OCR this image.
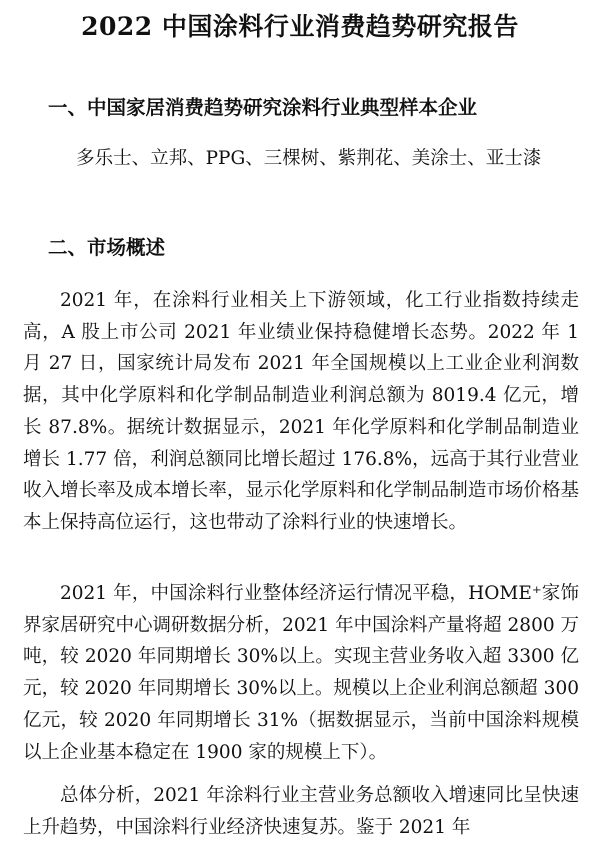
2022 中国涂料行业消费趋势研究报告
一、中国家居消费趋势研究涂料行业典型样本企业

多乐士、立邦、PPG、三棵树、紫荆花、美涂士、亚士漆

二、市场概述

2021 年，在涂料行业相关上下游领域，化工行业指数持续走高，A 股上市公司 2021 年业绩业保持稳健增长态势。2022 年 1 月 27 日，国家统计局发布 2021 年全国规模以上工业企业利润数据，其中化学原料和化学制品制造业利润总额为 8019.4 亿元，增长 87.8%。据统计数据显示，2021 年化学原料和化学制品制造业增长 1.77 倍，利润总额同比增长超过 176.8%，远高于其行业营业收入增长率及成本增长率，显示化学原料和化学制品制造市场价格基本上保持高位运行，这也带动了涂料行业的快速增长。

2021 年，中国涂料行业整体经济运行情况平稳，HOME⁺家饰界家居研究中心调研数据分析，2021 年中国涂料产量将超 2800 万吨，较 2020 年同期增长 30%以上。实现主营业务收入超 3300 亿元，较 2020 年同期增长 30%以上。规模以上企业利润总额超 300 亿元，较 2020 年同期增长 31%（据数据显示，当前中国涂料规模以上企业基本稳定在 1900 家的规模上下）。

总体分析，2021 年涂料行业主营业务总额收入增速同比呈快速上升趋势，中国涂料行业经济快速复苏。鉴于 2021 年
